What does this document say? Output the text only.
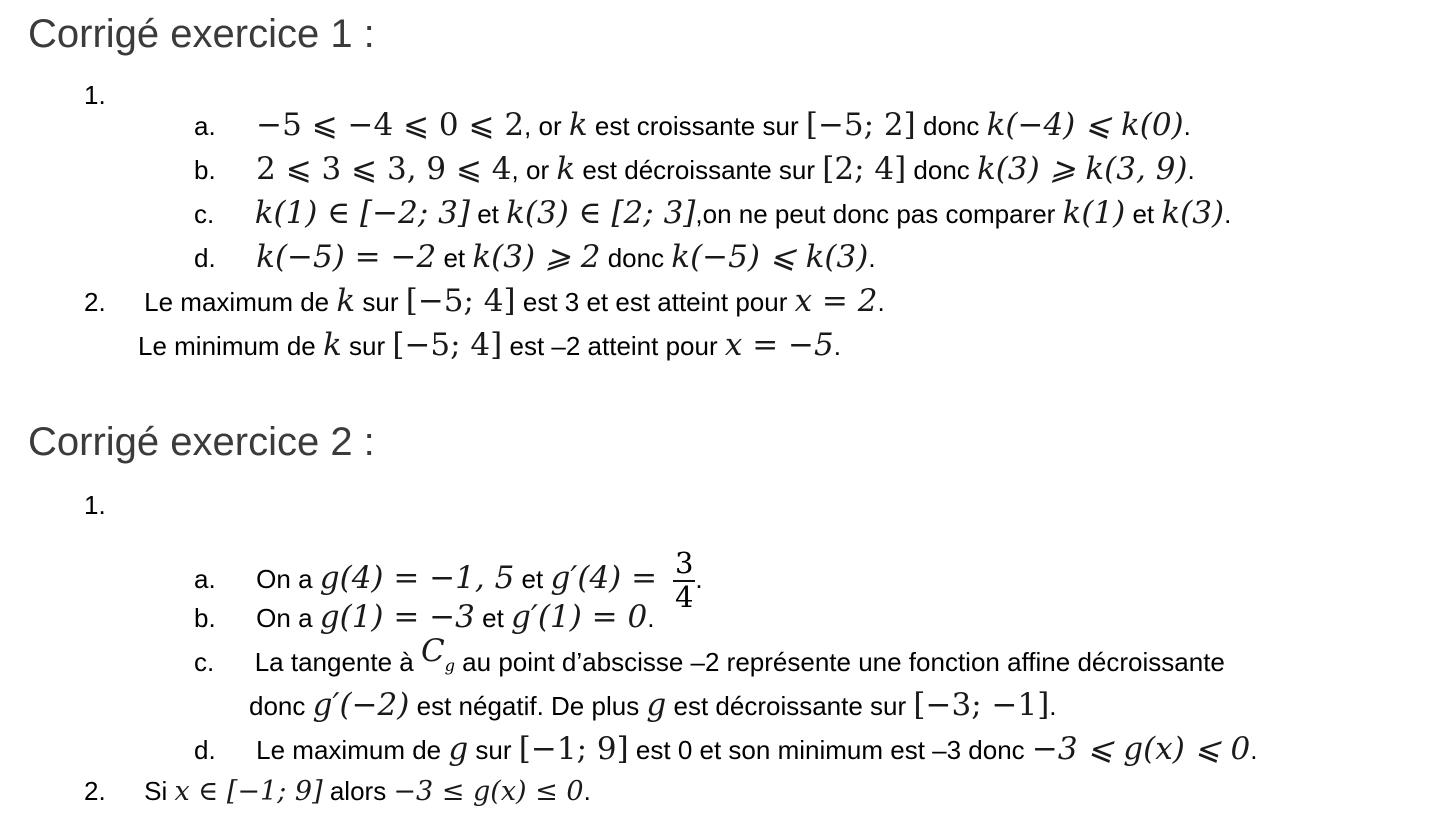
Corrigé exercice 1 :
1.
a. −5 ⩽ −4 ⩽ 0 ⩽ 2, or k est croissante sur [−5; 2] donc k(−4) ⩽ k(0).
b. 2 ⩽ 3 ⩽ 3, 9 ⩽ 4, or k est décroissante sur [2; 4] donc k(3) ⩾ k(3, 9).
c. k(1) ∈ [−2; 3] et k(3) ∈ [2; 3],on ne peut donc pas comparer k(1) et k(3).
d. k(−5) = −2 et k(3) ⩾ 2 donc k(−5) ⩽ k(3).
2. Le maximum de k sur [−5; 4] est 3 et est atteint pour x = 2.
Le minimum de k sur [−5; 4] est –2 atteint pour x = −5.
Corrigé exercice 2 :
1.
a. On a g(4) = −1, 5 et $g'(4) = \frac{3}{4}$ .
b. On a g(1) = −3 et g′(1) = 0.
c. La tangente à $C_g$ au point d’abscisse –2 représente une fonction affine décroissante
donc g′(−2) est négatif. De plus g est décroissante sur [−3; −1].
d. Le maximum de g sur [−1; 9] est 0 et son minimum est –3 donc −3 ⩽ g(x) ⩽ 0.
2. Si x ∈ [−1; 9] alors −3 ≤ g(x) ≤ 0.
